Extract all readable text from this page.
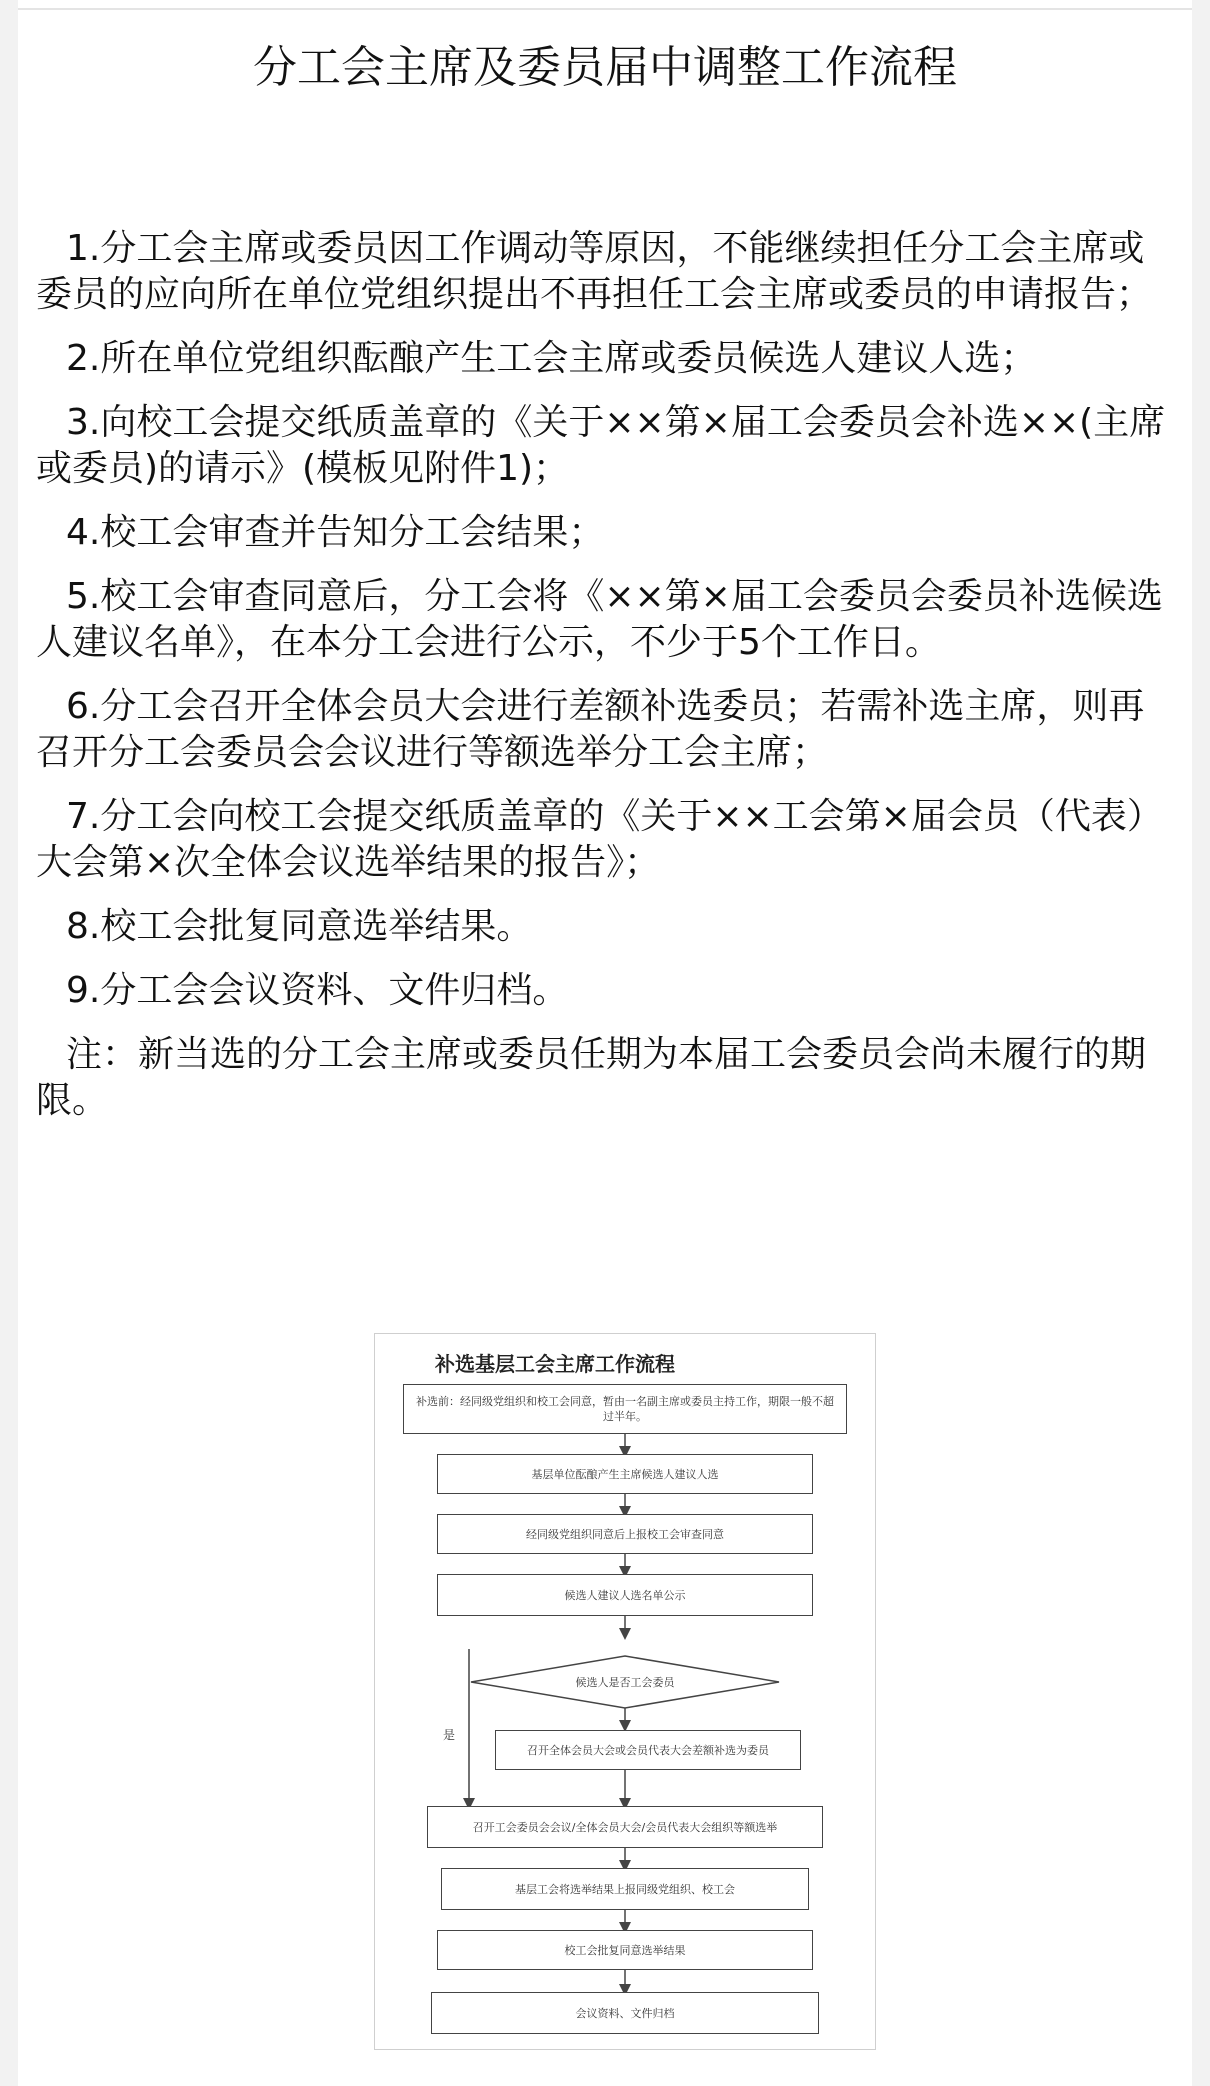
分工会主席及委员届中调整工作流程

1.分工会主席或委员因工作调动等原因，不能继续担任分工会主席或委员的应向所在单位党组织提出不再担任工会主席或委员的申请报告；

2.所在单位党组织酝酿产生工会主席或委员候选人建议人选；

3.向校工会提交纸质盖章的《关于××第×届工会委员会补选××(主席或委员)的请示》(模板见附件1)；

4.校工会审查并告知分工会结果；

5.校工会审查同意后，分工会将《××第×届工会委员会委员补选候选人建议名单》，在本分工会进行公示，不少于5个工作日。

6.分工会召开全体会员大会进行差额补选委员；若需补选主席，则再召开分工会委员会会议进行等额选举分工会主席；

7.分工会向校工会提交纸质盖章的《关于××工会第×届会员（代表）大会第×次全体会议选举结果的报告》；

8.校工会批复同意选举结果。

9.分工会会议资料、文件归档。

注：新当选的分工会主席或委员任期为本届工会委员会尚未履行的期限。

补选基层工会主席工作流程
补选前：经同级党组织和校工会同意，暂由一名副主席或委员主持工作，期限一般不超过半年。
基层单位酝酿产生主席候选人建议人选
经同级党组织同意后上报校工会审查同意
候选人建议人选名单公示
候选人是否工会委员
是
召开全体会员大会或会员代表大会差额补选为委员
召开工会委员会会议/全体会员大会/会员代表大会组织等额选举
基层工会将选举结果上报同级党组织、校工会
校工会批复同意选举结果
会议资料、文件归档
